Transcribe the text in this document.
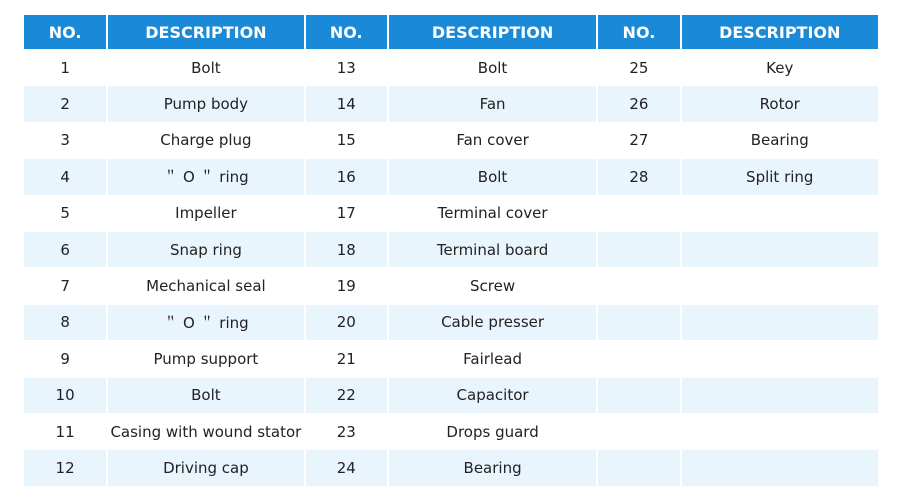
NO.	DESCRIPTION	NO.	DESCRIPTION	NO.	DESCRIPTION
1	Bolt	13	Bolt	25	Key
2	Pump body	14	Fan	26	Rotor
3	Charge plug	15	Fan cover	27	Bearing
4	＂ O ＂ ring	16	Bolt	28	Split ring
5	Impeller	17	Terminal cover		
6	Snap ring	18	Terminal board		
7	Mechanical seal	19	Screw		
8	＂ O ＂ ring	20	Cable presser		
9	Pump support	21	Fairlead		
10	Bolt	22	Capacitor		
11	Casing with wound stator	23	Drops guard		
12	Driving cap	24	Bearing		
